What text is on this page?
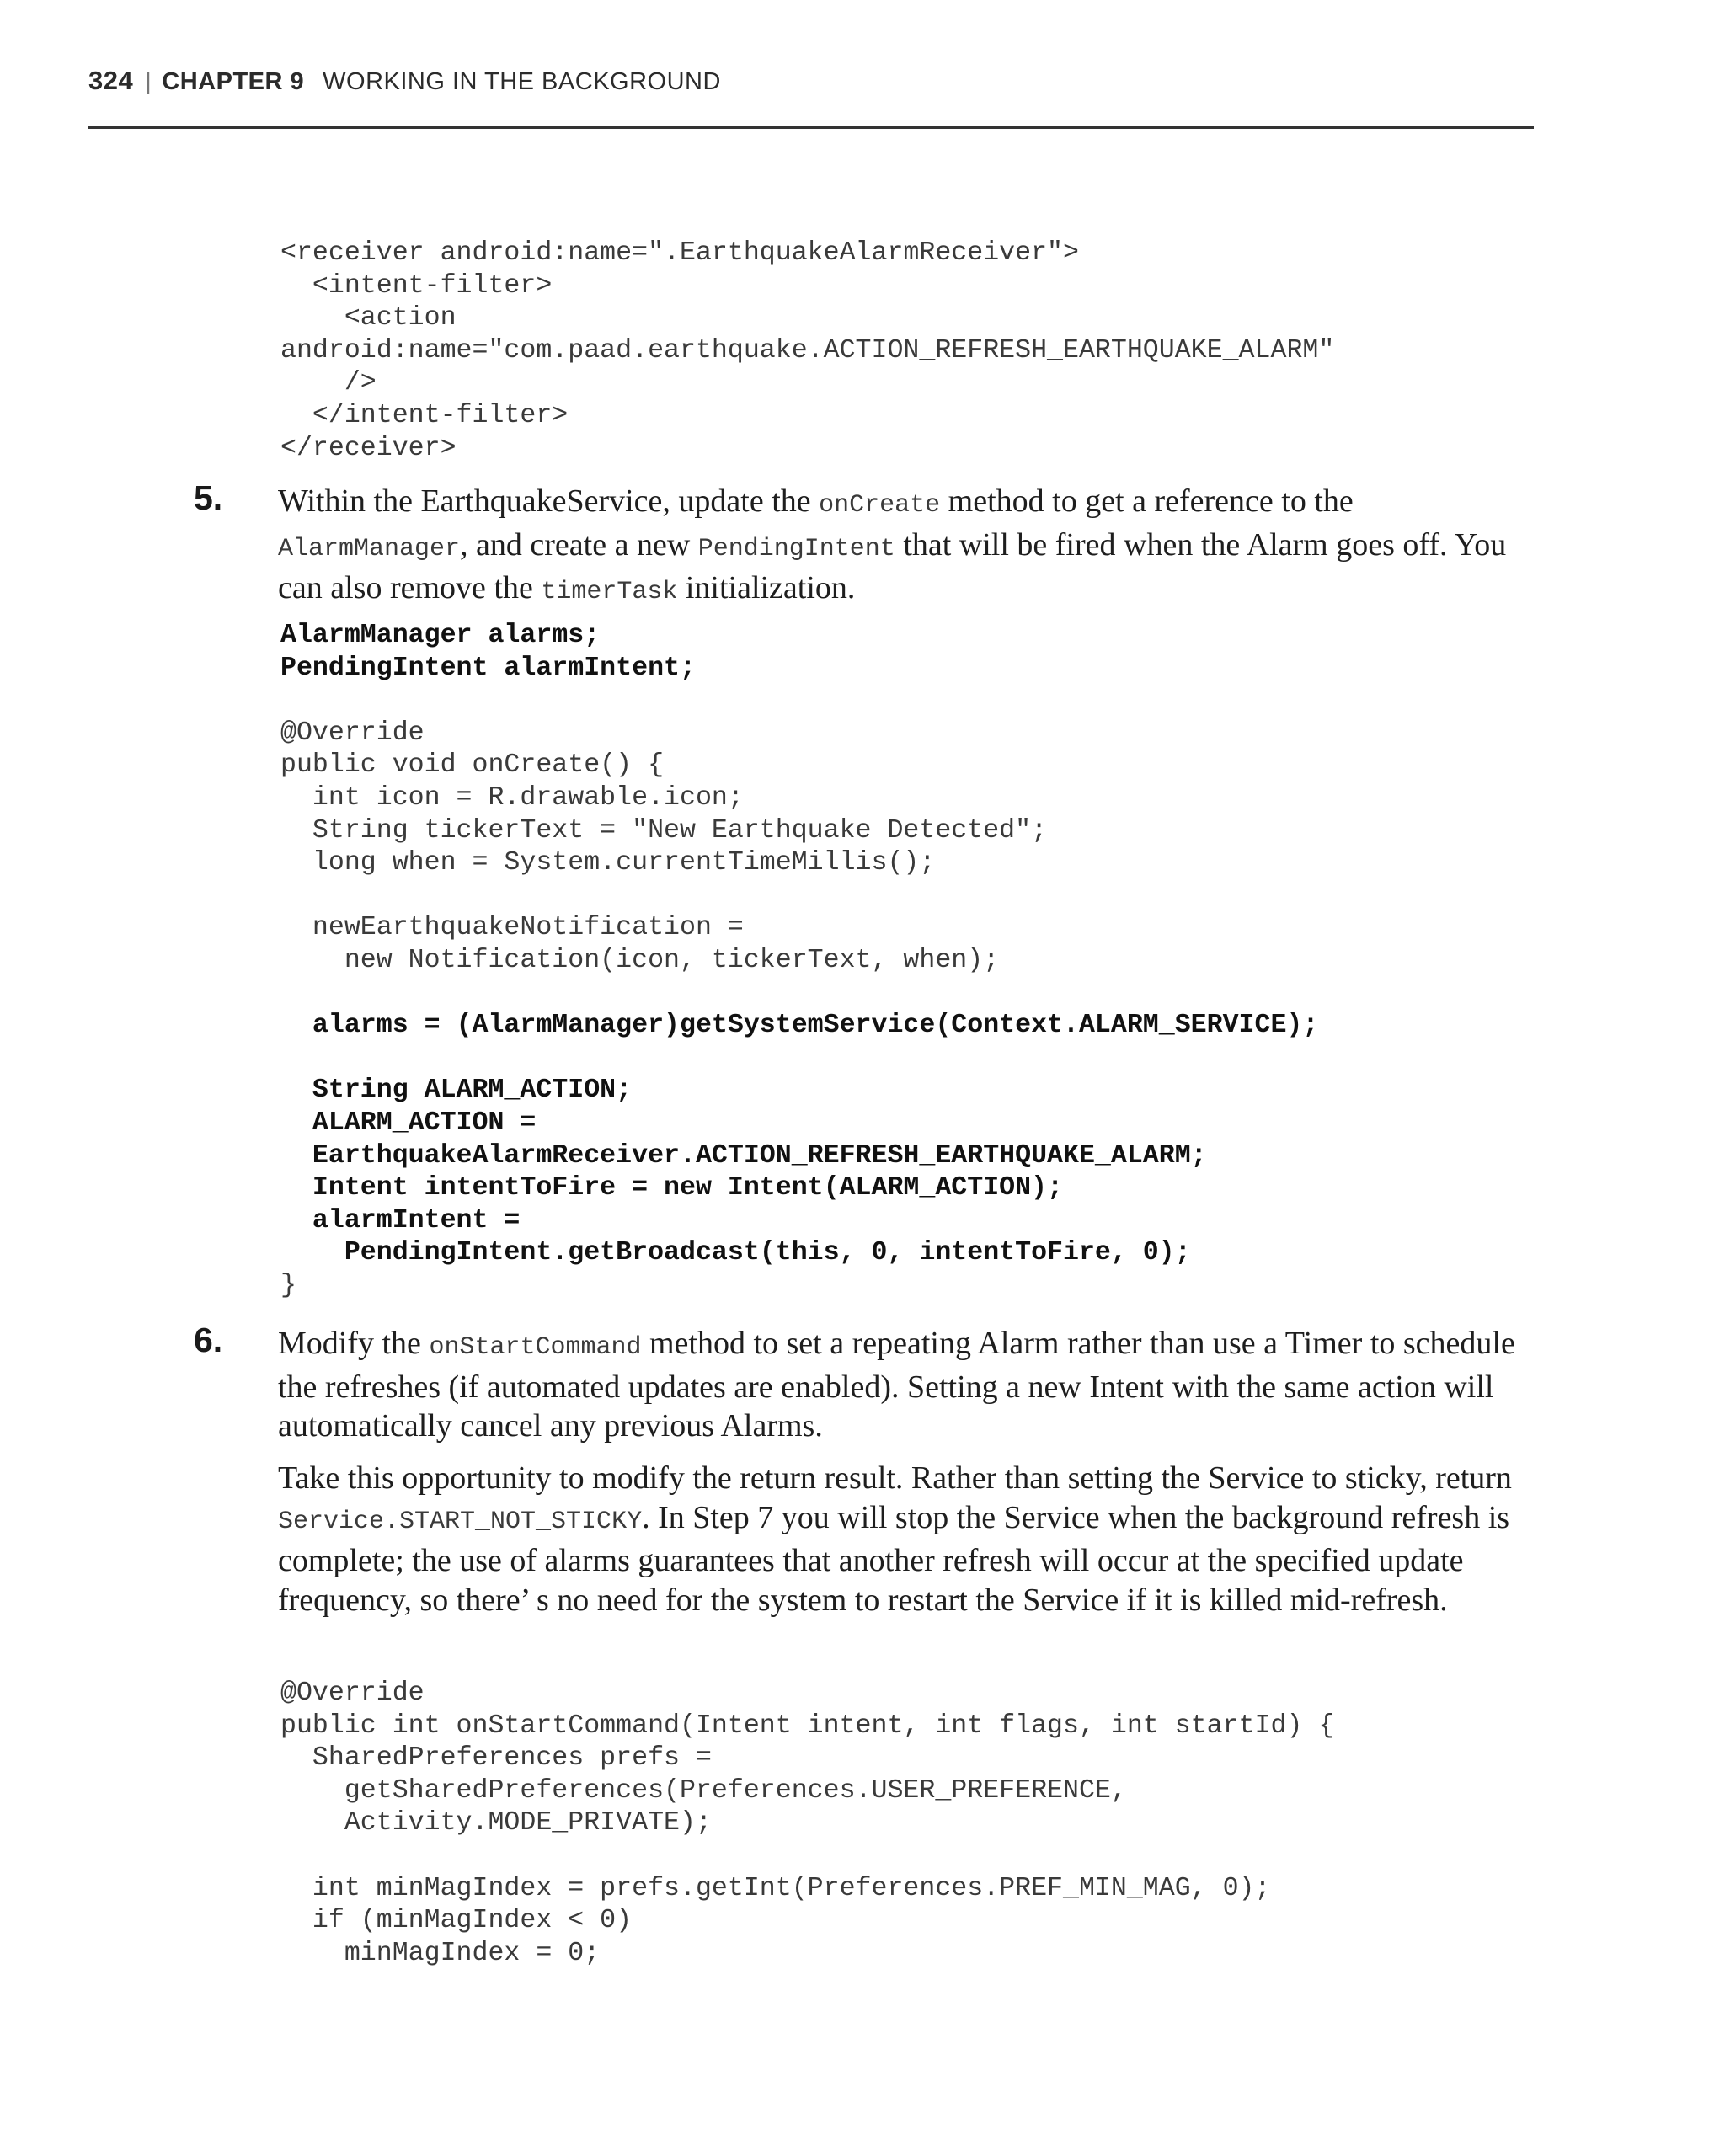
324 | CHAPTER 9 WORKING IN THE BACKGROUND
<receiver android:name=".EarthquakeAlarmReceiver">
<intent-filter>
<action
android:name="com.paad.earthquake.ACTION_REFRESH_EARTHQUAKE_ALARM"
/>
</intent-filter>
</receiver>
5. Within the EarthquakeService, update the onCreate method to get a reference to the AlarmManager, and create a new PendingIntent that will be fired when the Alarm goes off. You can also remove the timerTask initialization.

AlarmManager alarms;
PendingIntent alarmIntent;
@Override
public void onCreate() {
int icon = R.drawable.icon;
String tickerText = "New Earthquake Detected";
long when = System.currentTimeMillis();
newEarthquakeNotification =
new Notification(icon, tickerText, when);
alarms = (AlarmManager)getSystemService(Context.ALARM_SERVICE);
String ALARM_ACTION;
ALARM_ACTION =
EarthquakeAlarmReceiver.ACTION_REFRESH_EARTHQUAKE_ALARM;
Intent intentToFire = new Intent(ALARM_ACTION);
alarmIntent =
PendingIntent.getBroadcast(this, 0, intentToFire, 0);
}
6. Modify the onStartCommand method to set a repeating Alarm rather than use a Timer to schedule the refreshes (if automated updates are enabled). Setting a new Intent with the same action will automatically cancel any previous Alarms.

Take this opportunity to modify the return result. Rather than setting the Service to sticky, return Service.START_NOT_STICKY. In Step 7 you will stop the Service when the background refresh is complete; the use of alarms guarantees that another refresh will occur at the specified update frequency, so there’ s no need for the system to restart the Service if it is killed mid-refresh.

@Override
public int onStartCommand(Intent intent, int flags, int startId) {
SharedPreferences prefs =
getSharedPreferences(Preferences.USER_PREFERENCE,
Activity.MODE_PRIVATE);
int minMagIndex = prefs.getInt(Preferences.PREF_MIN_MAG, 0);
if (minMagIndex < 0)
minMagIndex = 0;
